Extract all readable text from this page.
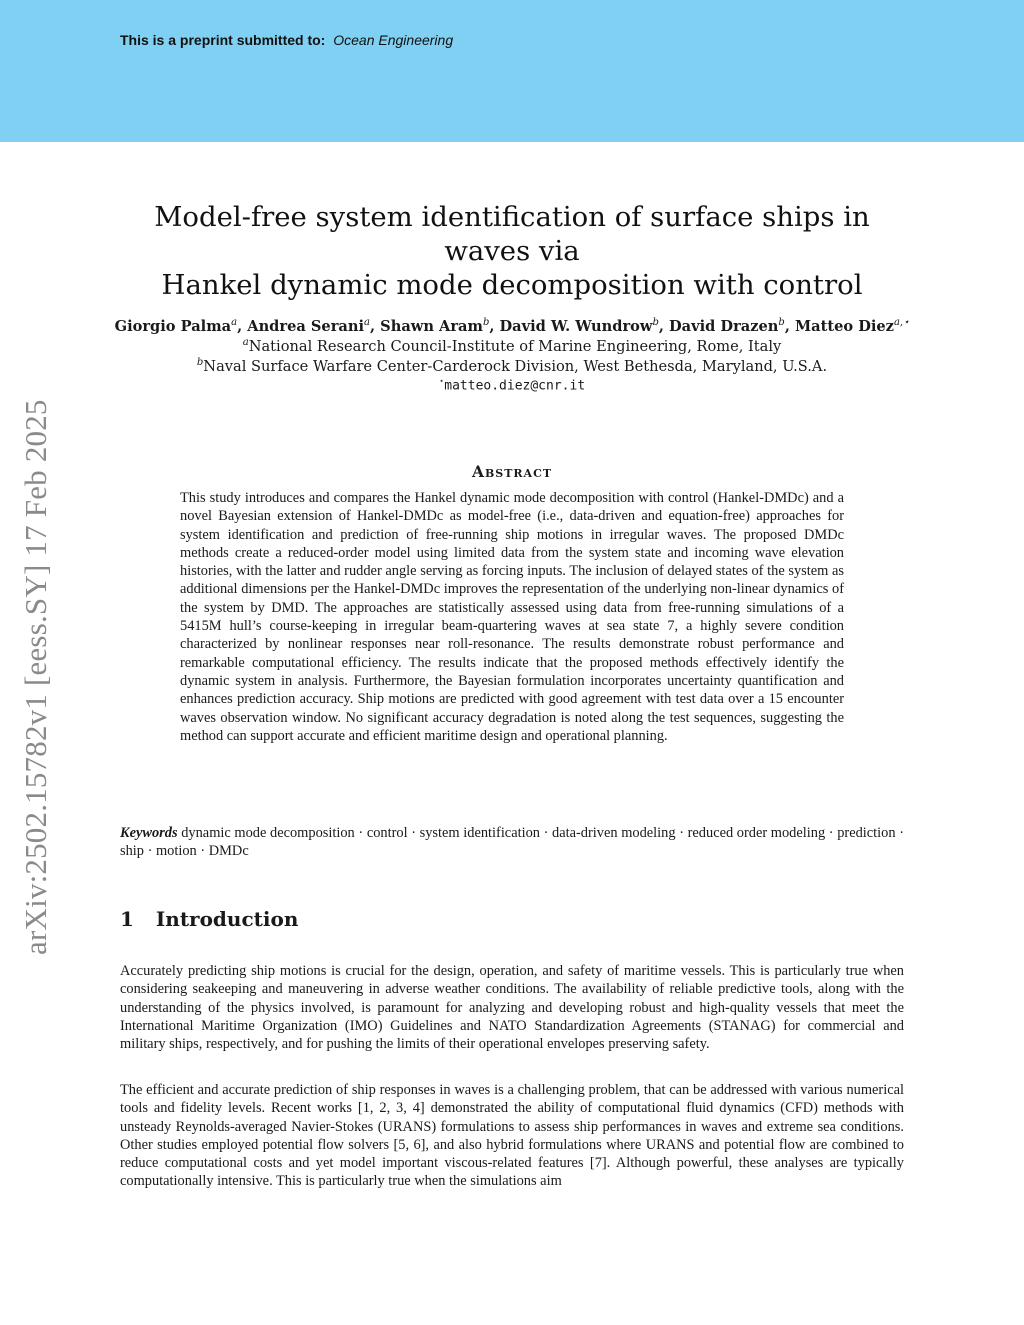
This is a preprint submitted to: Ocean Engineering
arXiv:2502.15782v1 [eess.SY] 17 Feb 2025
Model-free system identification of surface ships in waves via
Hankel dynamic mode decomposition with control
Giorgio Palma$^a$, Andrea Serani$^a$, Shawn Aram$^b$, David W. Wundrow$^b$, David Drazen$^b$, Matteo Diez$^{a,⋆}$
$^a$National Research Council-Institute of Marine Engineering, Rome, Italy
$^b$Naval Surface Warfare Center-Carderock Division, West Bethesda, Maryland, U.S.A.
⋆matteo.diez@cnr.it
Abstract

This study introduces and compares the Hankel dynamic mode decomposition with control (Hankel-DMDc) and a novel Bayesian extension of Hankel-DMDc as model-free (i.e., data-driven and equation-free) approaches for system identification and prediction of free-running ship motions in irregular waves. The proposed DMDc methods create a reduced-order model using limited data from the system state and incoming wave elevation histories, with the latter and rudder angle serving as forcing inputs. The inclusion of delayed states of the system as additional dimensions per the Hankel-DMDc improves the representation of the underlying non-linear dynamics of the system by DMD. The approaches are statistically assessed using data from free-running simulations of a 5415M hull’s course-keeping in irregular beam-quartering waves at sea state 7, a highly severe condition characterized by nonlinear responses near roll-resonance. The results demonstrate robust performance and remarkable computational efficiency. The results indicate that the proposed methods effectively identify the dynamic system in analysis. Furthermore, the Bayesian formulation incorporates uncertainty quantification and enhances prediction accuracy. Ship motions are predicted with good agreement with test data over a 15 encounter waves observation window. No significant accuracy degradation is noted along the test sequences, suggesting the method can support accurate and efficient maritime design and operational planning.

Keywords dynamic mode decomposition · control · system identification · data-driven modeling · reduced order modeling · prediction · ship · motion · DMDc

1 Introduction

Accurately predicting ship motions is crucial for the design, operation, and safety of maritime vessels. This is particularly true when considering seakeeping and maneuvering in adverse weather conditions. The availability of reliable predictive tools, along with the understanding of the physics involved, is paramount for analyzing and developing robust and high-quality vessels that meet the International Maritime Organization (IMO) Guidelines and NATO Standardization Agreements (STANAG) for commercial and military ships, respectively, and for pushing the limits of their operational envelopes preserving safety.

The efficient and accurate prediction of ship responses in waves is a challenging problem, that can be addressed with various numerical tools and fidelity levels. Recent works [1, 2, 3, 4] demonstrated the ability of computational fluid dynamics (CFD) methods with unsteady Reynolds-averaged Navier-Stokes (URANS) formulations to assess ship performances in waves and extreme sea conditions. Other studies employed potential flow solvers [5, 6], and also hybrid formulations where URANS and potential flow are combined to reduce computational costs and yet model important viscous-related features [7]. Although powerful, these analyses are typically computationally intensive. This is particularly true when the simulations aim
